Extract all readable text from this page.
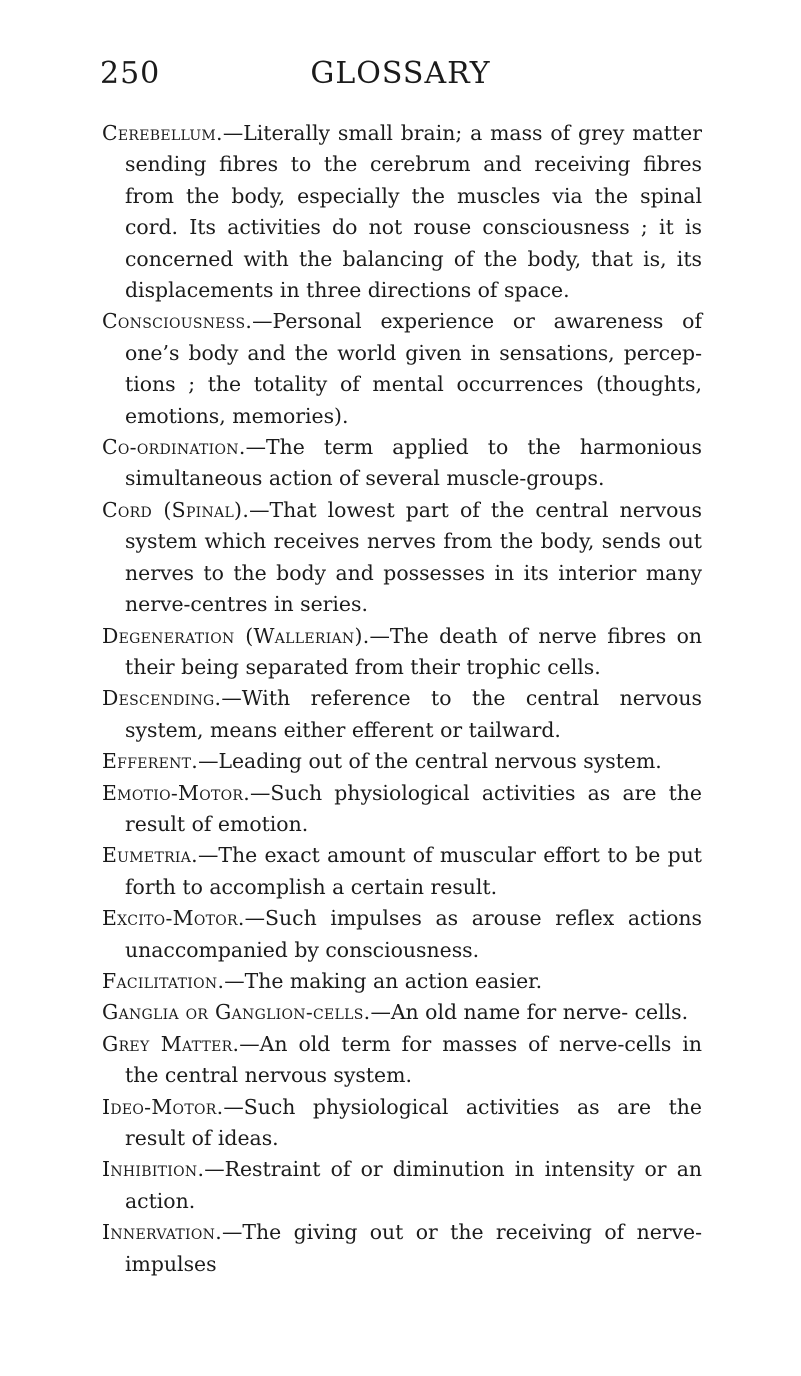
250	GLOSSARY

Cerebellum.—Literally small brain; a mass of grey matter sending fibres to the cerebrum and receiving fibres from the body, especially the muscles via the spinal cord. Its activities do not rouse consciousness ; it is concerned with the balancing of the body, that is, its displacements in three directions of space.

Consciousness.—Personal experience or awareness of one’s body and the world given in sensations, percep- tions ; the totality of mental occurrences (thoughts, emotions, memories).

Co-ordination.—The term applied to the harmonious simultaneous action of several muscle-groups.

Cord (Spinal).—That lowest part of the central nervous system which receives nerves from the body, sends out nerves to the body and possesses in its interior many nerve-centres in series.

Degeneration (Wallerian).—The death of nerve fibres on their being separated from their trophic cells.

Descending.—With reference to the central nervous system, means either efferent or tailward.

Efferent.—Leading out of the central nervous system.

Emotio-Motor.—Such physiological activities as are the result of emotion.

Eumetria.—The exact amount of muscular effort to be put forth to accomplish a certain result.

Excito-Motor.—Such impulses as arouse reflex actions unaccompanied by consciousness.

Facilitation.—The making an action easier.

Ganglia or Ganglion-cells.—An old name for nerve- cells.

Grey Matter.—An old term for masses of nerve-cells in the central nervous system.

Ideo-Motor.—Such physiological activities as are the result of ideas.

Inhibition.—Restraint of or diminution in intensity or an action.

Innervation.—The giving out or the receiving of nerve- impulses
